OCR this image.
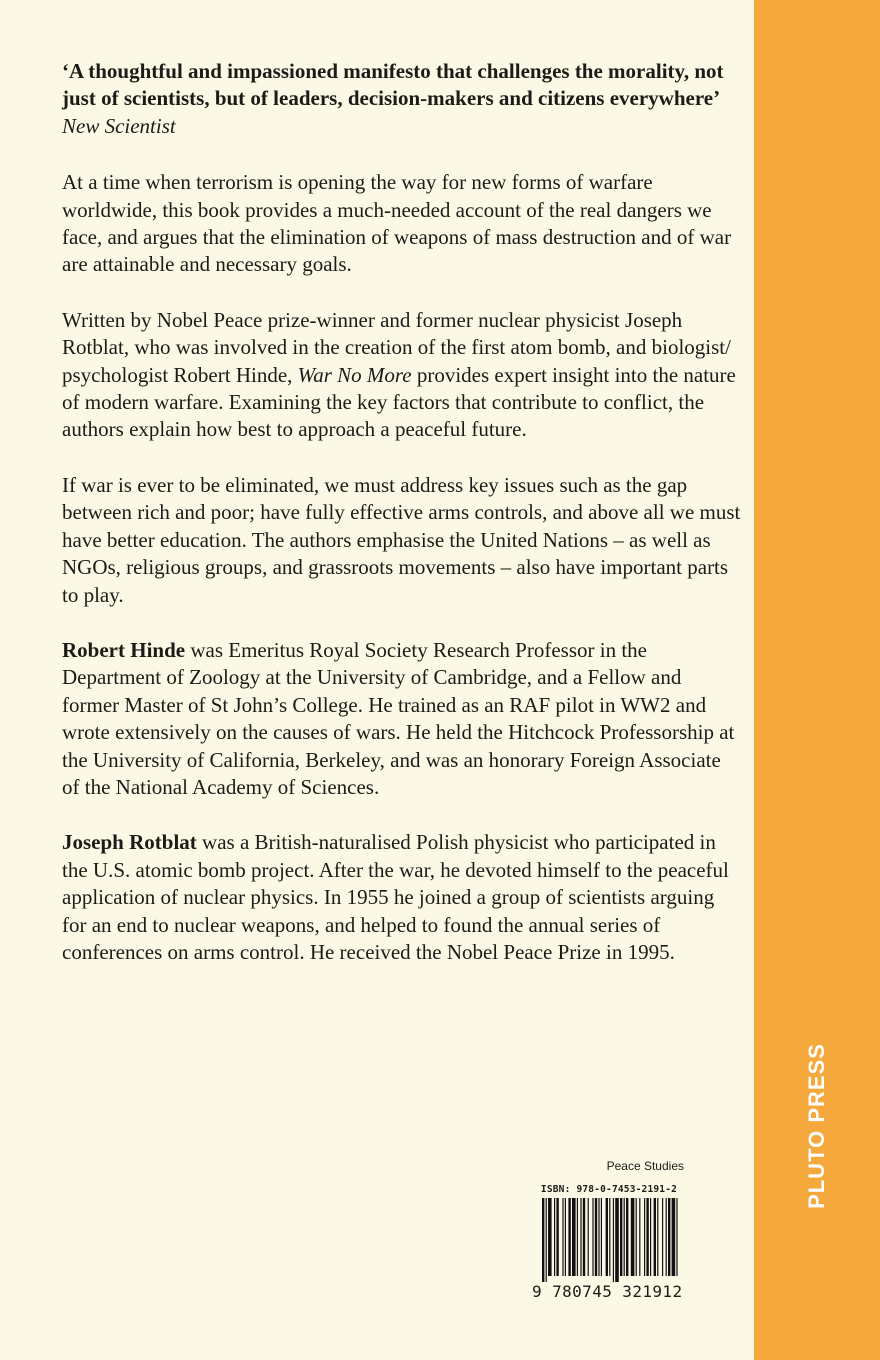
‘A thoughtful and impassioned manifesto that challenges the morality, not just of scientists, but of leaders, decision-makers and citizens everywhere’

New Scientist

At a time when terrorism is opening the way for new forms of warfare worldwide, this book provides a much-needed account of the real dangers we face, and argues that the elimination of weapons of mass destruction and of war are attainable and necessary goals.

Written by Nobel Peace prize-winner and former nuclear physicist Joseph Rotblat, who was involved in the creation of the first atom bomb, and biologist/ psychologist Robert Hinde, War No More provides expert insight into the nature of modern warfare. Examining the key factors that contribute to conflict, the authors explain how best to approach a peaceful future.

If war is ever to be eliminated, we must address key issues such as the gap between rich and poor; have fully effective arms controls, and above all we must have better education. The authors emphasise the United Nations – as well as NGOs, religious groups, and grassroots movements – also have important parts to play.

Robert Hinde was Emeritus Royal Society Research Professor in the Department of Zoology at the University of Cambridge, and a Fellow and former Master of St John’s College. He trained as an RAF pilot in WW2 and wrote extensively on the causes of wars. He held the Hitchcock Professorship at the University of California, Berkeley, and was an honorary Foreign Associate of the National Academy of Sciences.

Joseph Rotblat was a British-naturalised Polish physicist who participated in the U.S. atomic bomb project. After the war, he devoted himself to the peaceful application of nuclear physics. In 1955 he joined a group of scientists arguing for an end to nuclear weapons, and helped to found the annual series of conferences on arms control. He received the Nobel Peace Prize in 1995.

Peace Studies
ISBN: 978-0-7453-2191-2
9 780745 321912
PLUTO PRESS
